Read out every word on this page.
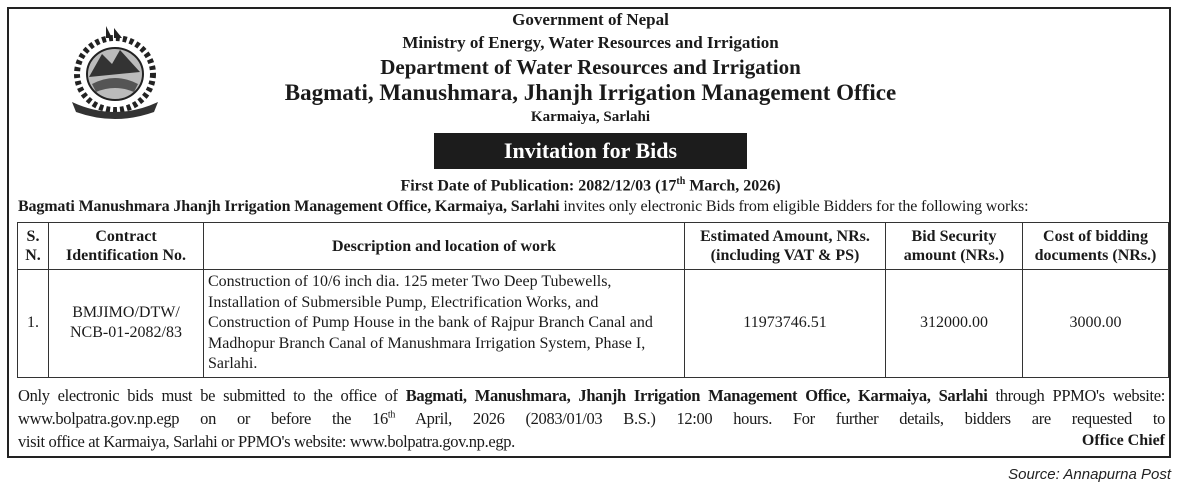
Government of Nepal
Ministry of Energy, Water Resources and Irrigation
Department of Water Resources and Irrigation
Bagmati, Manushmara, Jhanjh Irrigation Management Office
Karmaiya, Sarlahi
Invitation for Bids
First Date of Publication: 2082/12/03 (17th March, 2026)
Bagmati Manushmara Jhanjh Irrigation Management Office, Karmaiya, Sarlahi invites only electronic Bids from eligible Bidders for the following works:
S. N.	Contract Identification No.	Description and location of work	Estimated Amount, NRs. (including VAT & PS)	Bid Security amount (NRs.)	Cost of bidding documents (NRs.)
1.	BMJIMO/DTW/ NCB-01-2082/83	Construction of 10/6 inch dia. 125 meter Two Deep Tubewells, Installation of Submersible Pump, Electrification Works, and Construction of Pump House in the bank of Rajpur Branch Canal and Madhopur Branch Canal of Manushmara Irrigation System, Phase I, Sarlahi.	11973746.51	312000.00	3000.00

Only electronic bids must be submitted to the office of Bagmati, Manushmara, Jhanjh Irrigation Management Office, Karmaiya, Sarlahi through PPMO's website: www.bolpatra.gov.np.egp on or before the 16th April, 2026 (2083/01/03 B.S.) 12:00 hours. For further details, bidders are requested to

visit office at Karmaiya, Sarlahi or PPMO's website: www.bolpatra.gov.np.egp.	Office Chief
Source: Annapurna Post
